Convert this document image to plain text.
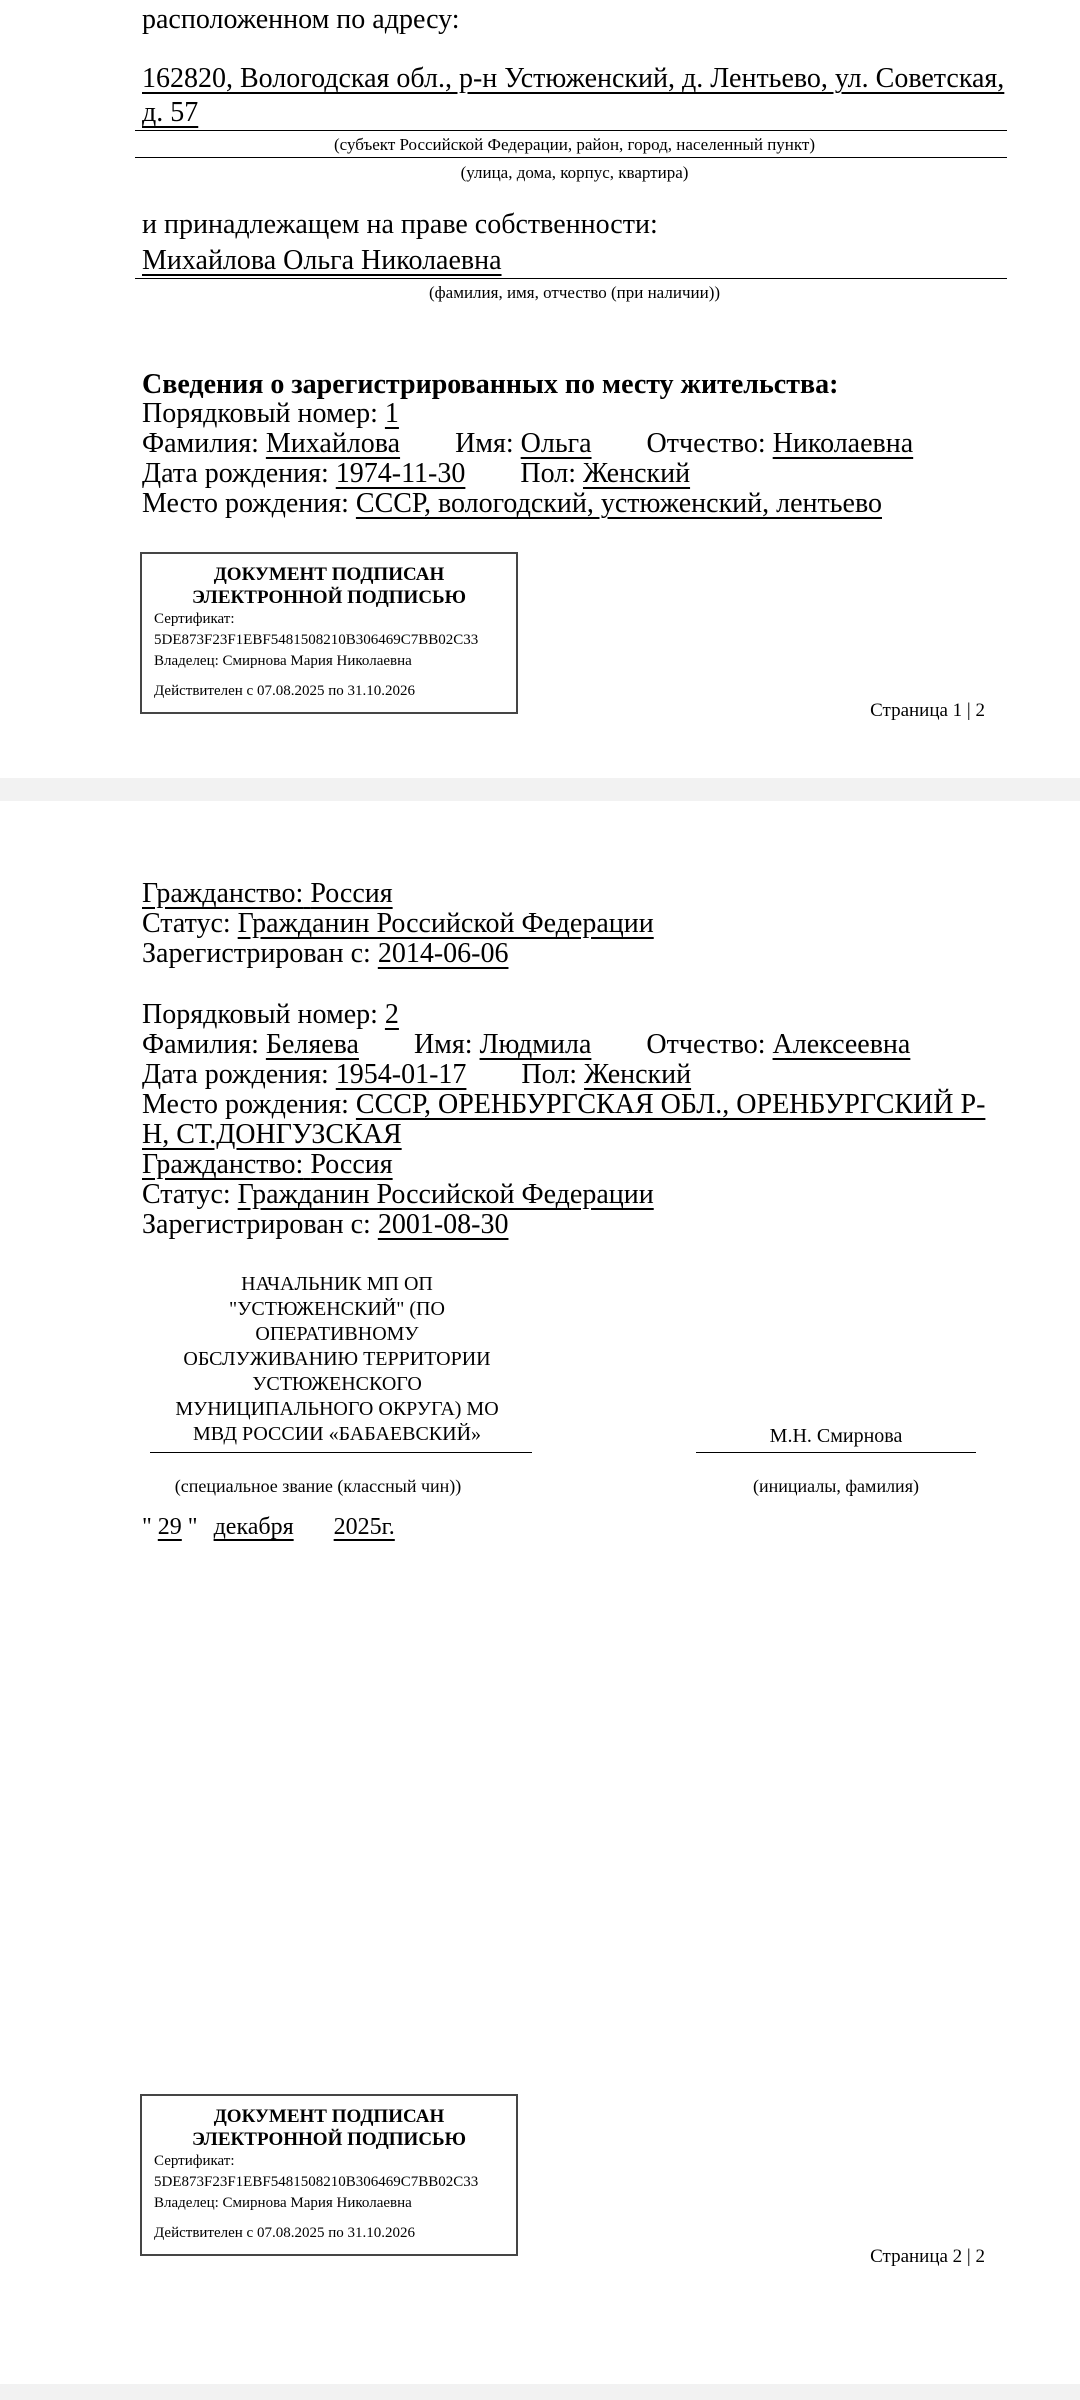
расположенном по адресу:
162820, Вологодская обл., р-н Устюженский, д. Лентьево, ул. Советская, д. 57
(субъект Российской Федерации, район, город, населенный пункт)
(улица, дома, корпус, квартира)
и принадлежащем на праве собственности:
Михайлова Ольга Николаевна
(фамилия, имя, отчество (при наличии))
Сведения о зарегистрированных по месту жительства:
Порядковый номер: 1
Фамилия: Михайлова Имя: Ольга Отчество: Николаевна
Дата рождения: 1974-11-30 Пол: Женский
Место рождения: СССР, вологодский, устюженский, лентьево
ДОКУМЕНТ ПОДПИСАН
ЭЛЕКТРОННОЙ ПОДПИСЬЮ
Сертификат:
5DE873F23F1EBF5481508210B306469C7BB02C33
Владелец: Смирнова Мария Николаевна
Действителен с 07.08.2025 по 31.10.2026
Страница 1 | 2
Гражданство: Россия
Статус: Гражданин Российской Федерации
Зарегистрирован с: 2014-06-06
Порядковый номер: 2
Фамилия: Беляева Имя: Людмила Отчество: Алексеевна
Дата рождения: 1954-01-17 Пол: Женский
Место рождения: СССР, ОРЕНБУРГСКАЯ ОБЛ., ОРЕНБУРГСКИЙ Р-Н, СТ.ДОНГУЗСКАЯ
Гражданство: Россия
Статус: Гражданин Российской Федерации
Зарегистрирован с: 2001-08-30
НАЧАЛЬНИК МП ОП
"УСТЮЖЕНСКИЙ" (ПО
ОПЕРАТИВНОМУ
ОБСЛУЖИВАНИЮ ТЕРРИТОРИИ
УСТЮЖЕНСКОГО
МУНИЦИПАЛЬНОГО ОКРУГА) МО
МВД РОССИИ «БАБАЕВСКИЙ»	М.Н. Смирнова
(специальное звание (классный чин))	(инициалы, фамилия)
" 29 " декабря 2025г.
ДОКУМЕНТ ПОДПИСАН
ЭЛЕКТРОННОЙ ПОДПИСЬЮ
Сертификат:
5DE873F23F1EBF5481508210B306469C7BB02C33
Владелец: Смирнова Мария Николаевна
Действителен с 07.08.2025 по 31.10.2026
Страница 2 | 2
